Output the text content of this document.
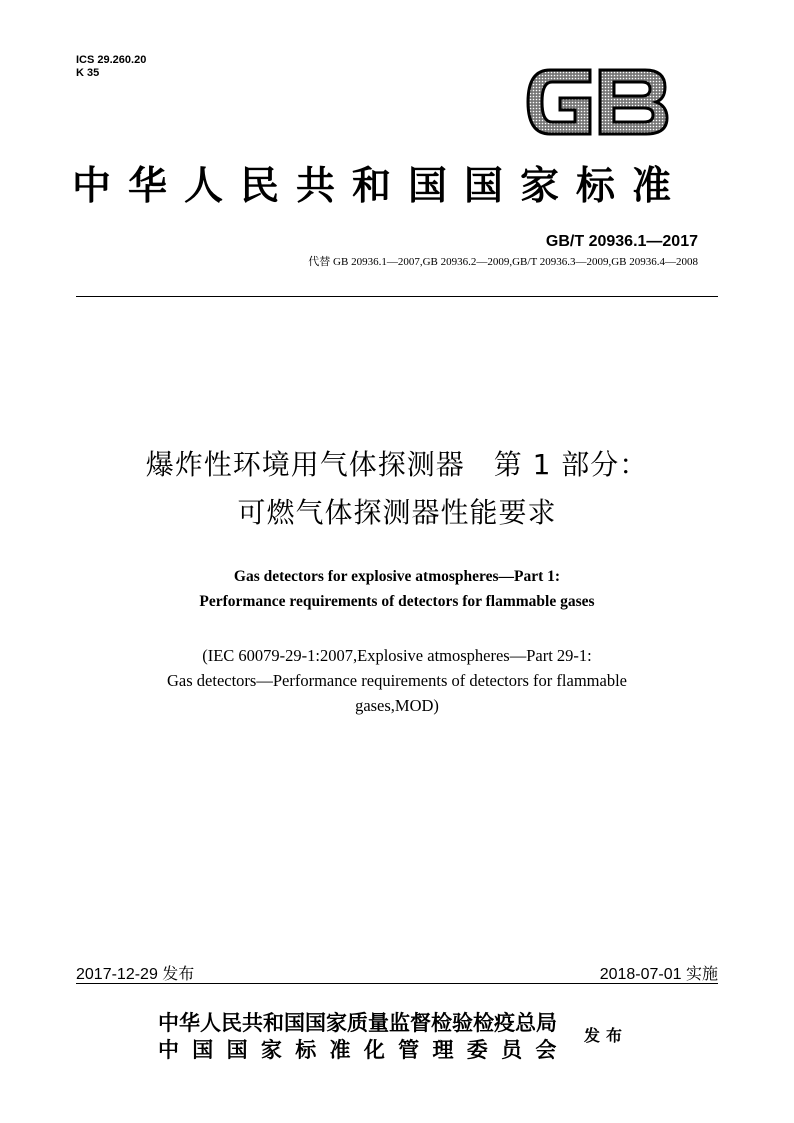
ICS 29.260.20
K 35
中华人民共和国国家标准
GB/T 20936.1—2017
代替 GB 20936.1—2007,GB 20936.2—2009,GB/T 20936.3—2009,GB 20936.4—2008
爆炸性环境用气体探测器　第 1 部分：
可燃气体探测器性能要求
Gas detectors for explosive atmospheres—Part 1:
Performance requirements of detectors for flammable gases
(IEC 60079-29-1:2007,Explosive atmospheres—Part 29-1:
Gas detectors—Performance requirements of detectors for flammable
gases,MOD)
2017-12-29 发布	2018-07-01 实施
中华人民共和国国家质量监督检验检疫总局
中 国 国 家 标 准 化 管 理 委 员 会
发布
